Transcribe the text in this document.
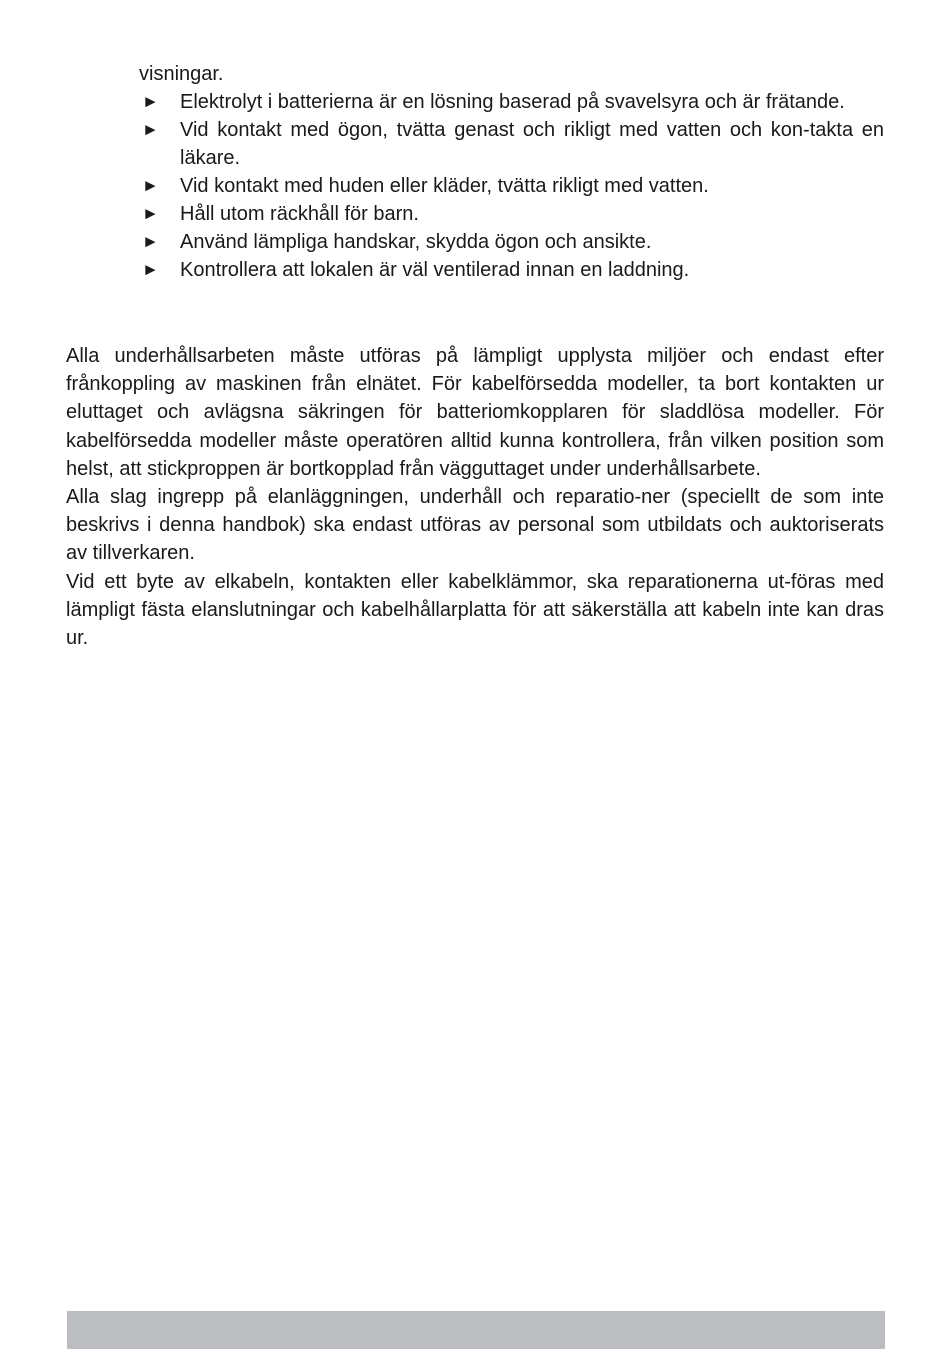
visningar.
► Elektrolyt i batterierna är en lösning baserad på svavelsyra och är frätande.
► Vid kontakt med ögon, tvätta genast och rikligt med vatten och kon-takta en läkare.
► Vid kontakt med huden eller kläder, tvätta rikligt med vatten.
► Håll utom räckhåll för barn.
► Använd lämpliga handskar, skydda ögon och ansikte.
► Kontrollera att lokalen är väl ventilerad innan en laddning.

Alla underhållsarbeten måste utföras på lämpligt upplysta miljöer och endast efter frånkoppling av maskinen från elnätet. För kabelförsedda modeller, ta bort kontakten ur eluttaget och avlägsna säkringen för batteriomkopplaren för sladdlösa modeller. För kabelförsedda modeller måste operatören alltid kunna kontrollera, från vilken position som helst, att stickproppen är bortkopplad från vägguttaget under underhållsarbete.

Alla slag ingrepp på elanläggningen, underhåll och reparatio-ner (speciellt de som inte beskrivs i denna handbok) ska endast utföras av personal som utbildats och auktoriserats av tillverkaren.

Vid ett byte av elkabeln, kontakten eller kabelklämmor, ska reparationerna ut-föras med lämpligt fästa elanslutningar och kabelhållarplatta för att säkerställa att kabeln inte kan dras ur.
